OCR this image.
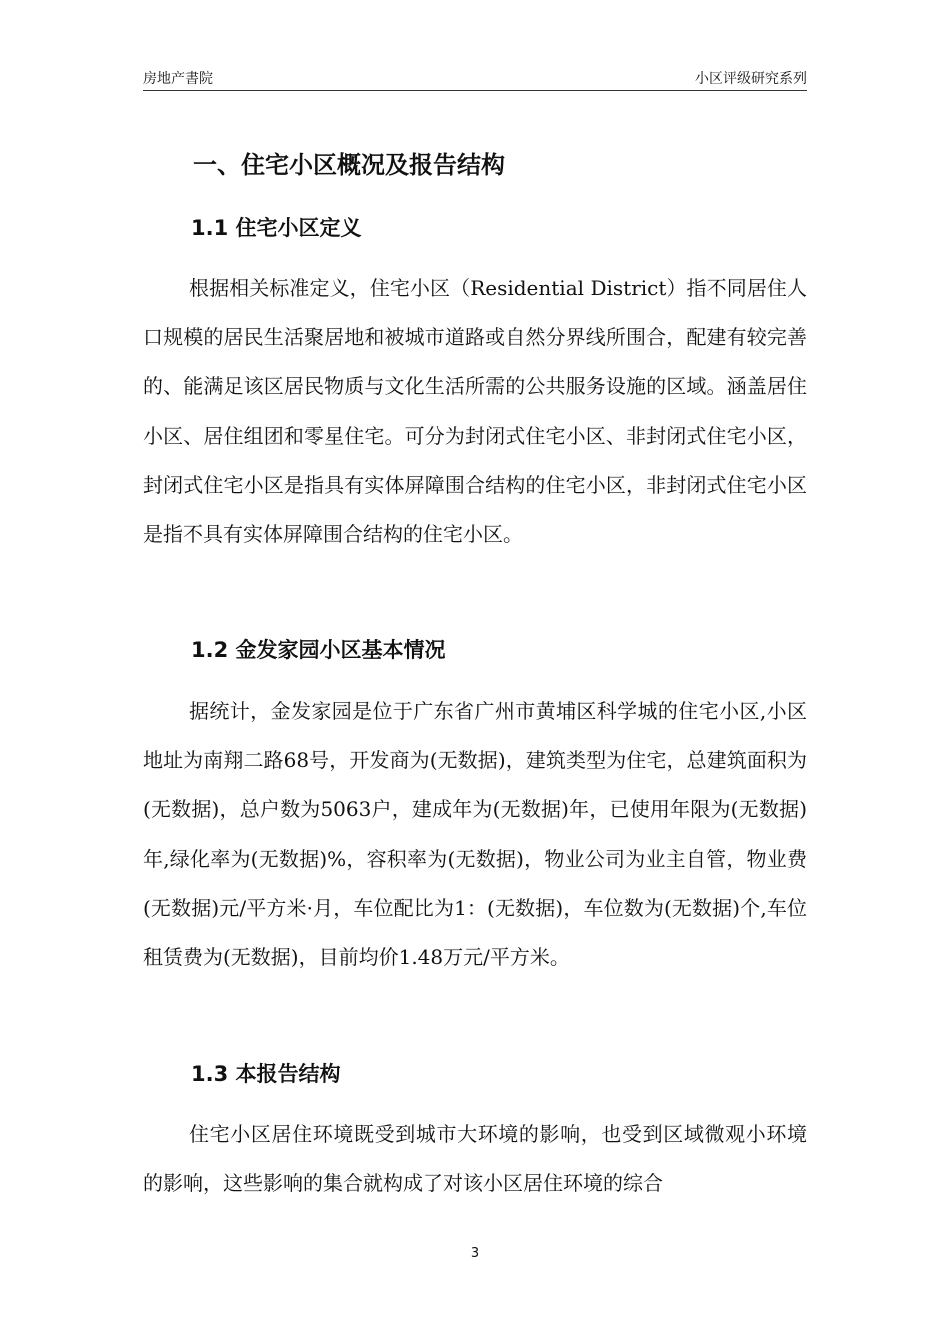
房地产書院	小区评级研究系列
一、住宅小区概况及报告结构
1.1 住宅小区定义

根据相关标准定义，住宅小区（Residential District）指不同居住人口规模的居民生活聚居地和被城市道路或自然分界线所围合，配建有较完善的、能满足该区居民物质与文化生活所需的公共服务设施的区域。涵盖居住小区、居住组团和零星住宅。可分为封闭式住宅小区、非封闭式住宅小区，封闭式住宅小区是指具有实体屏障围合结构的住宅小区，非封闭式住宅小区是指不具有实体屏障围合结构的住宅小区。

1.2 金发家园小区基本情况

据统计，金发家园是位于广东省广州市黄埔区科学城的住宅小区,小区地址为南翔二路68号，开发商为(无数据)，建筑类型为住宅，总建筑面积为(无数据)，总户数为5063户，建成年为(无数据)年，已使用年限为(无数据)年,绿化率为(无数据)%，容积率为(无数据)，物业公司为业主自管，物业费(无数据)元/平方米·月，车位配比为1：(无数据)，车位数为(无数据)个,车位租赁费为(无数据)，目前均价1.48万元/平方米。

1.3 本报告结构

住宅小区居住环境既受到城市大环境的影响，也受到区域微观小环境的影响，这些影响的集合就构成了对该小区居住环境的综合

3
